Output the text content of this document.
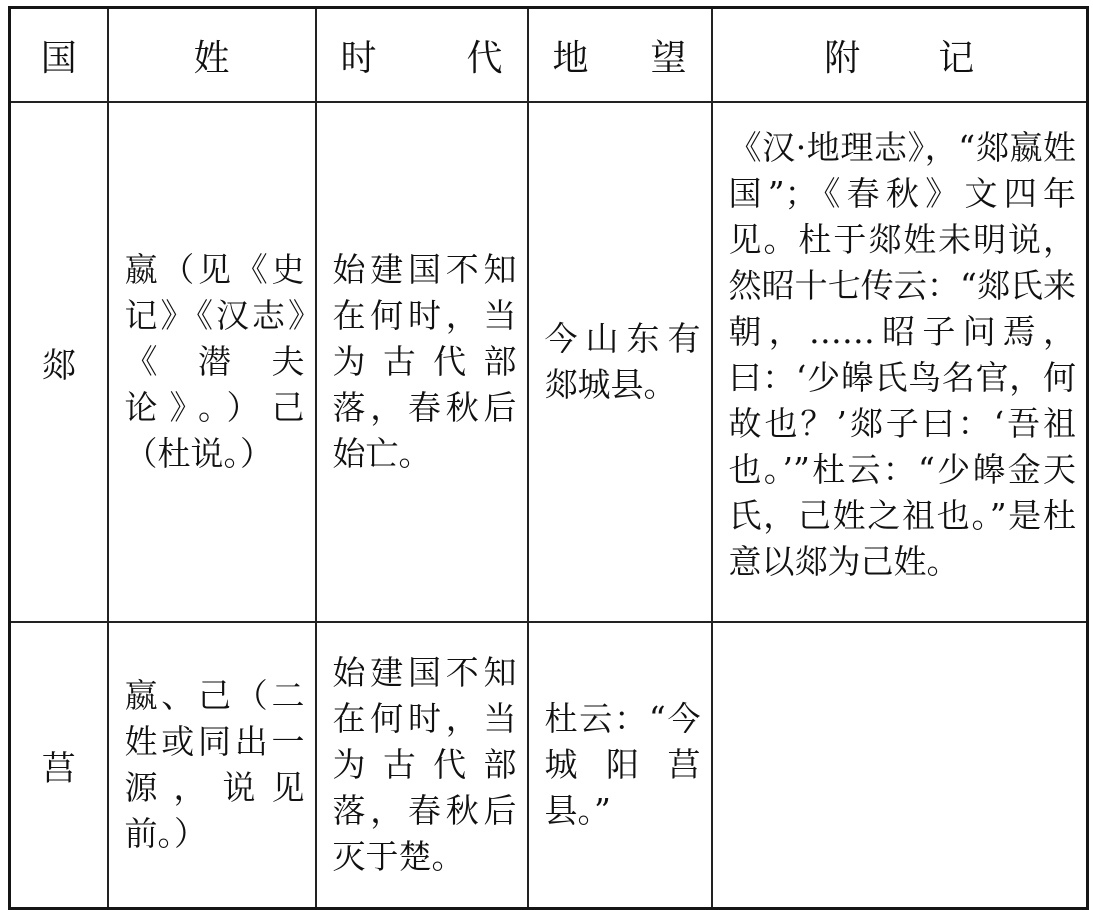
国	姓	时 代	地 望	附 记

郯	嬴（见《史记》《汉志》《潜夫论》。）己（杜说。）	始建国不知在何时，当为古代部落，春秋后始亡。	今山东有郯城县。	《汉·地理志》，“郯嬴姓国”；《春秋》文四年见。杜于郯姓未明说，然昭十七传云：“郯氏来朝，……昭子问焉，曰：‘少皞氏鸟名官，何故也？’郯子曰：‘吾祖也。’”杜云：“少皞金天氏，己姓之祖也。”是杜意以郯为己姓。
莒	嬴、己（二姓或同出一源，说见前。）	始建国不知在何时，当为古代部落，春秋后灭于楚。	杜云：“今城阳莒县。”	
